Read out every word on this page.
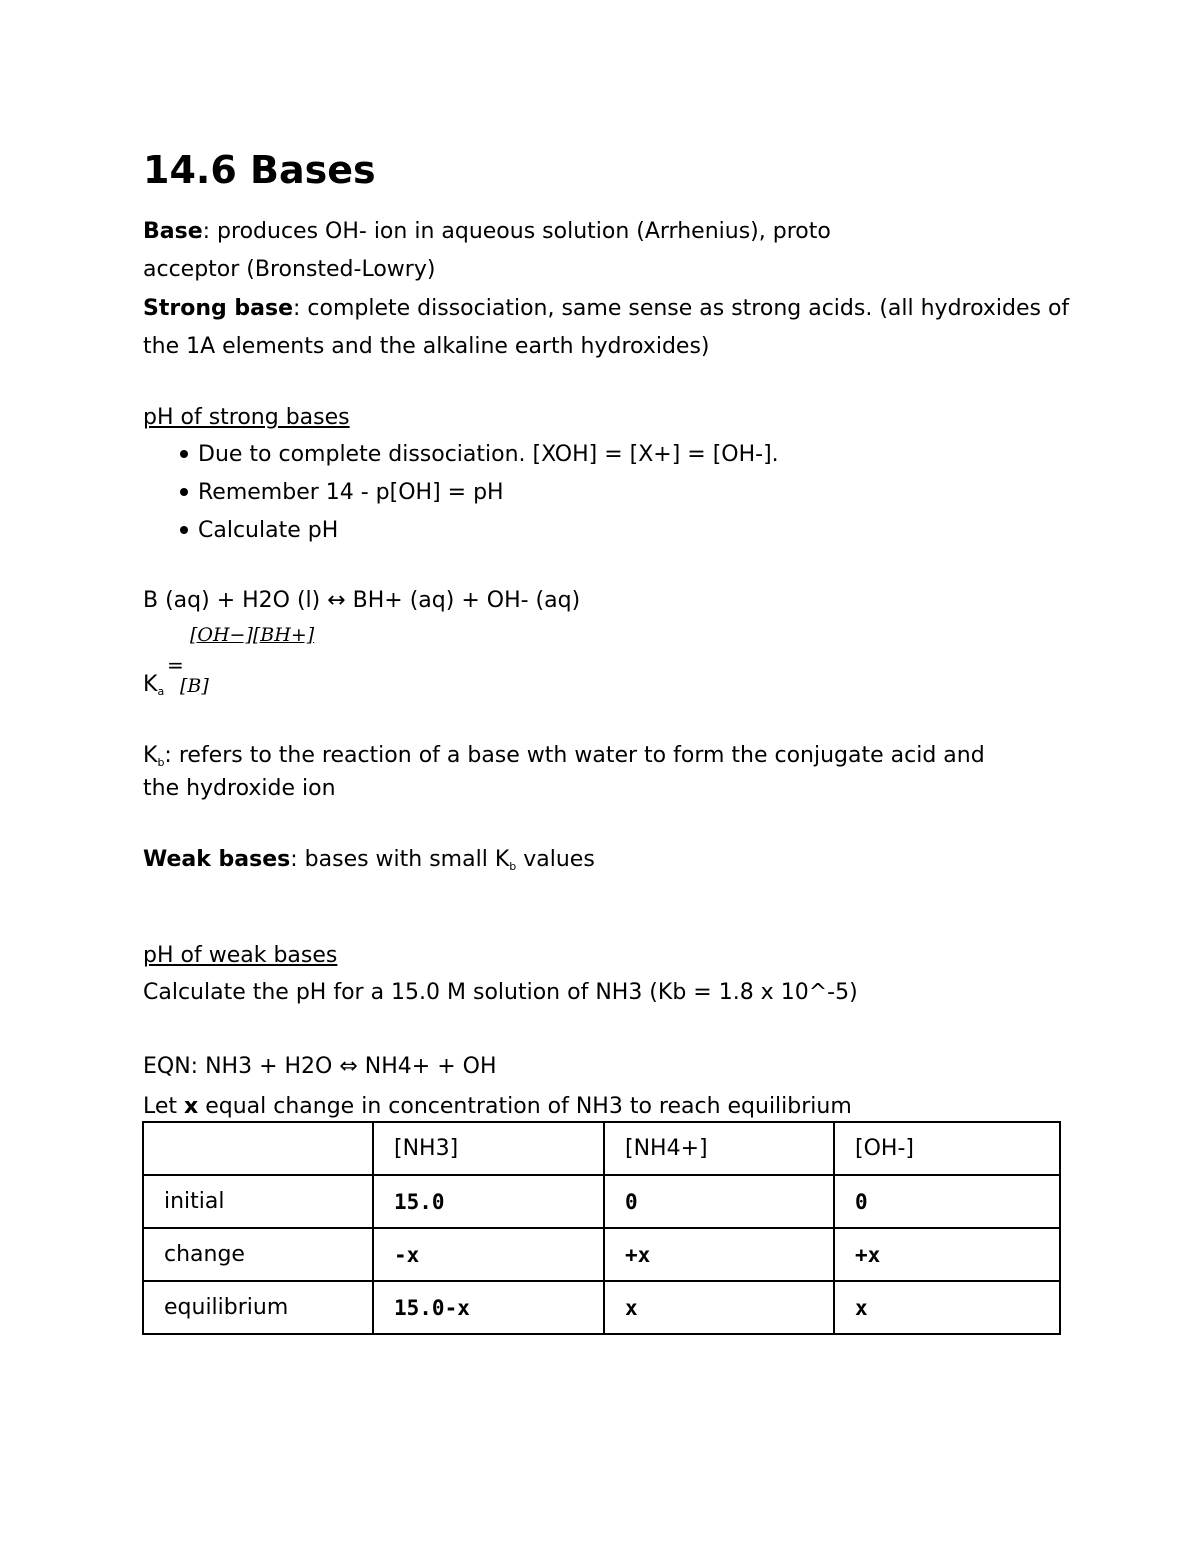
14.6 Bases
Base: produces OH- ion in aqueous solution (Arrhenius), proto
acceptor (Bronsted-Lowry)
Strong base: complete dissociation, same sense as strong acids. (all hydroxides of
the 1A elements and the alkaline earth hydroxides)
pH of strong bases
Due to complete dissociation. [XOH] = [X+] = [OH-].
Remember 14 - p[OH] = pH
Calculate pH
B (aq) + H2O (l) ↔ BH+ (aq) + OH- (aq)
[OH−][BH+]
=
$K_a$ [B]
$K_b$: refers to the reaction of a base wth water to form the conjugate acid and
the hydroxide ion
Weak bases: bases with small $K_b$ values
pH of weak bases
Calculate the pH for a 15.0 M solution of NH3 (Kb = 1.8 x 10^-5)
EQN: NH3 + H2O ⇔ NH4+ + OH
Let x equal change in concentration of NH3 to reach equilibrium
	[NH3]	[NH4+]	[OH-]
initial	15.0	0	0
change	-x	+x	+x
equilibrium	15.0-x	x	x
